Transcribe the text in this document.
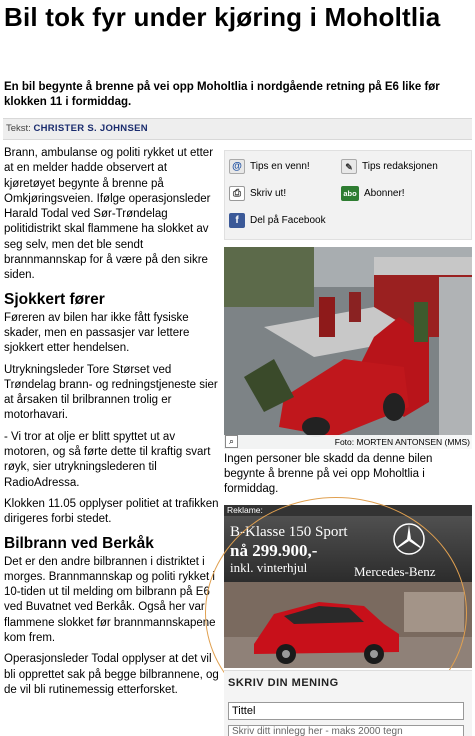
Bil tok fyr under kjøring i Moholtlia
En bil begynte å brenne på vei opp Moholtlia i nordgående retning på E6 like før klokken 11 i formiddag.
Tekst: CHRISTER S. JOHNSEN

Brann, ambulanse og politi rykket ut etter at en melder hadde observert at kjøretøyet begynte å brenne på Omkjøringsveien. Ifølge operasjonsleder Harald Todal ved Sør-Trøndelag politidistrikt skal flammene ha slokket av seg selv, men det ble sendt brannmannskap for å være på den sikre siden.

Sjokkert fører

Føreren av bilen har ikke fått fysiske skader, men en passasjer var lettere sjokkert etter hendelsen.

Utrykningsleder Tore Størset ved Trøndelag brann- og redningstjeneste sier at årsaken til brilbrannen trolig er motorhavari.

- Vi tror at olje er blitt spyttet ut av motoren, og så førte dette til kraftig svart røyk, sier utrykningslederen til RadioAdressa.

Klokken 11.05 opplyser politiet at trafikken dirigeres forbi stedet.

Bilbrann ved Berkåk

Det er den andre bilbrannen i distriktet i morges. Brannmannskap og politi rykket i 10-tiden ut til melding om bilbrann på E6 ved Buvatnet ved Berkåk. Også her var flammene slokket før brannmannskapene kom frem.

Operasjonsleder Todal opplyser at det vil bli opprettet sak på begge bilbrannene, og de vil bli rutinemessig etterforsket.

@ Tips en venn!	✎ Tips redaksjonen
⎙ Skriv ut!	abo Abonner!
f	Del på Facebook
Foto: MORTEN ANTONSEN (MMS)
⌕
Ingen personer ble skadd da denne bilen begynte å brenne på vei opp Moholtlia i formiddag.
Reklame:
B-Klasse 150 Sport
nå 299.900,-
inkl. vinterhjul	Mercedes-Benz
SKRIV DIN MENING
Tittel
Skriv ditt innlegg her - maks 2000 tegn
